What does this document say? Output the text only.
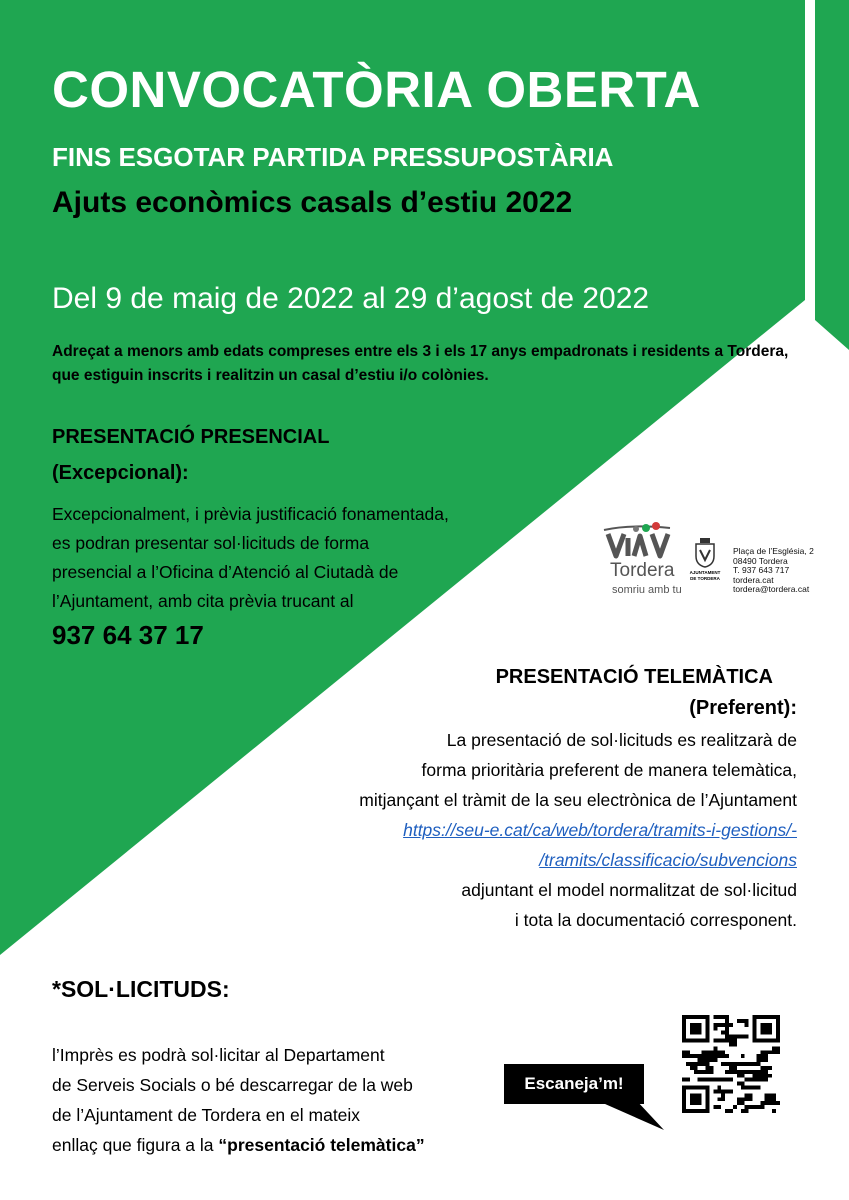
CONVOCATÒRIA OBERTA
FINS ESGOTAR PARTIDA PRESSUPOSTÀRIA
Ajuts econòmics casals d’estiu 2022
Del 9 de maig de 2022 al 29 d’agost de 2022
Adreçat a menors amb edats compreses entre els 3 i els 17 anys empadronats i residents a Tordera, que estiguin inscrits i realitzin un casal d’estiu i/o colònies.
PRESENTACIÓ PRESENCIAL
(Excepcional):
Excepcionalment, i prèvia justificació fonamentada,
es podran presentar sol·licituds de forma
presencial a l’Oficina d’Atenció al Ciutadà de
l’Ajuntament, amb cita prèvia trucant al
937 64 37 17
Tordera
somriu amb tu
AJUNTAMENT DE TORDERA
Plaça de l’Església, 2
08490 Tordera
T. 937 643 717
tordera.cat
tordera@tordera.cat
PRESENTACIÓ TELEMÀTICA
(Preferent):
La presentació de sol·licituds es realitzarà de
forma prioritària preferent de manera telemàtica,
mitjançant el tràmit de la seu electrònica de l’Ajuntament
https://seu-e.cat/ca/web/tordera/tramits-i-gestions/-
/tramits/classificacio/subvencions
adjuntant el model normalitzat de sol·licitud
i tota la documentació corresponent.
*SOL·LICITUDS:
l’Imprès es podrà sol·licitar al Departament
de Serveis Socials o bé descarregar de la web
de l’Ajuntament de Tordera en el mateix
enllaç que figura a la “presentació telemàtica”
Escaneja’m!
